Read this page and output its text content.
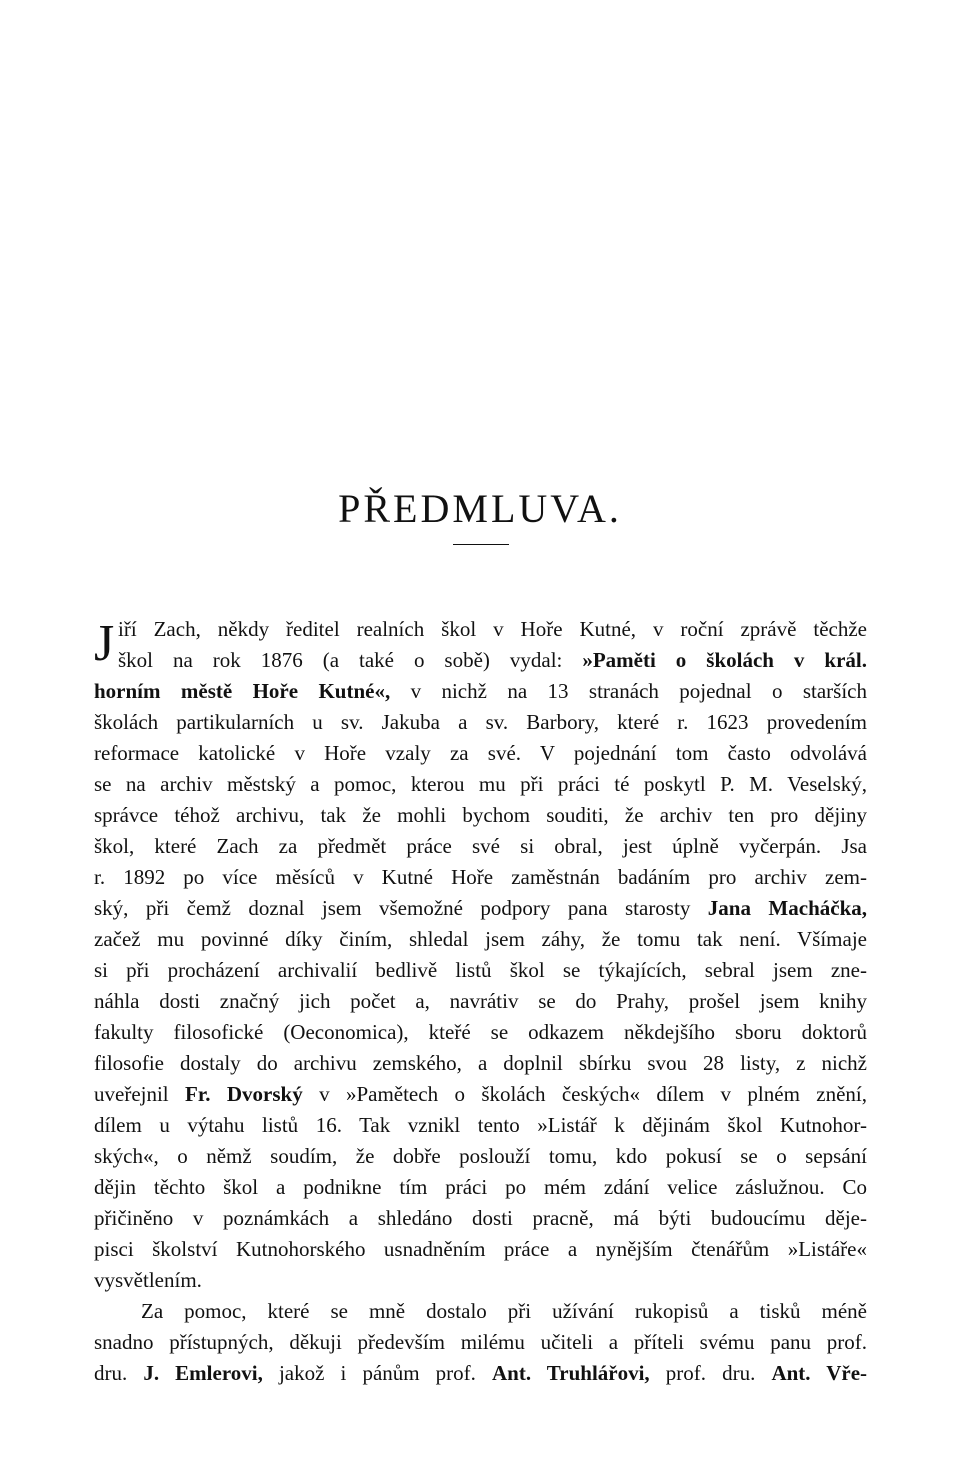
PŘEDMLUVA.
J iří Zach, někdy ředitel realních škol v Hoře Kutné, v roční zprávě těchže
škol na rok 1876 (a také o sobě) vydal: »Paměti o školách v král.
horním městě Hoře Kutné«, v nichž na 13 stranách pojednal o starších
školách partikularních u sv. Jakuba a sv. Barbory, které r. 1623 provedením
reformace katolické v Hoře vzaly za své. V pojednání tom často odvolává
se na archiv městský a pomoc, kterou mu při práci té poskytl P. M. Veselský,
správce téhož archivu, tak že mohli bychom souditi, že archiv ten pro dějiny
škol, které Zach za předmět práce své si obral, jest úplně vyčerpán. Jsa
r. 1892 po více měsíců v Kutné Hoře zaměstnán badáním pro archiv zem-
ský, při čemž doznal jsem všemožné podpory pana starosty Jana Macháčka,
začež mu povinné díky činím, shledal jsem záhy, že tomu tak není. Všímaje
si při procházení archivalií bedlivě listů škol se týkajících, sebral jsem zne-
náhla dosti značný jich počet a, navrátiv se do Prahy, prošel jsem knihy
fakulty filosofické (Oeconomica), kteřé se odkazem někdejšího sboru doktorů
filosofie dostaly do archivu zemského, a doplnil sbírku svou 28 listy, z nichž
uveřejnil Fr. Dvorský v »Pamětech o školách českých« dílem v plném znění,
dílem u výtahu listů 16. Tak vznikl tento »Listář k dějinám škol Kutnohor-
ských«, o němž soudím, že dobře poslouží tomu, kdo pokusí se o sepsání
dějin těchto škol a podnikne tím práci po mém zdání velice záslužnou. Co
přičiněno v poznámkách a shledáno dosti pracně, má býti budoucímu děje-
pisci školství Kutnohorského usnadněním práce a nynějším čtenářům »Listáře«
vysvětlením.
Za pomoc, které se mně dostalo při užívání rukopisů a tisků méně
snadno přístupných, děkuji především milému učiteli a příteli svému panu prof.
dru. J. Emlerovi, jakož i pánům prof. Ant. Truhlářovi, prof. dru. Ant. Vře-
